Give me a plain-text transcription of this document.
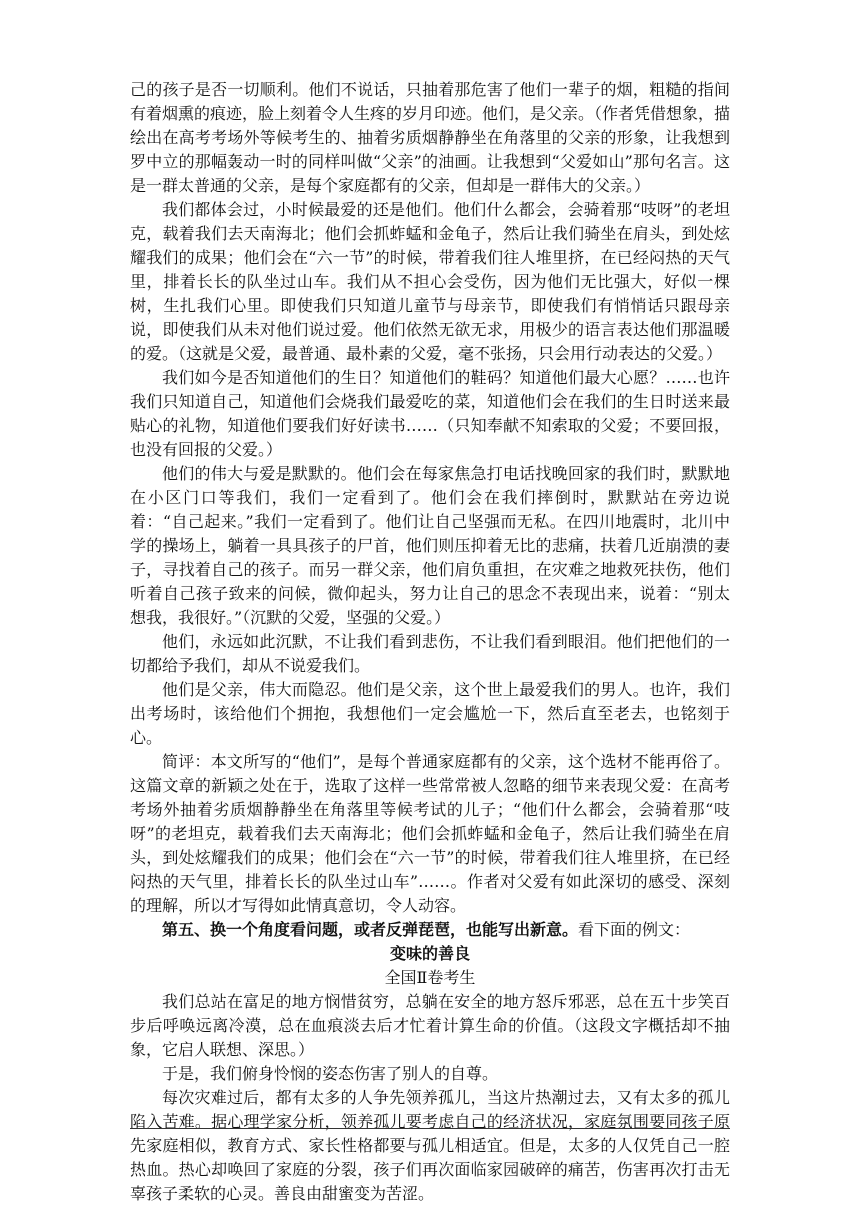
己的孩子是否一切顺利。他们不说话，只抽着那危害了他们一辈子的烟，粗糙的指间有着烟熏的痕迹，脸上刻着令人生疼的岁月印迹。他们，是父亲。（作者凭借想象，描绘出在高考考场外等候考生的、抽着劣质烟静静坐在角落里的父亲的形象，让我想到罗中立的那幅轰动一时的同样叫做“父亲”的油画。让我想到“父爱如山”那句名言。这是一群太普通的父亲，是每个家庭都有的父亲，但却是一群伟大的父亲。）

我们都体会过，小时候最爱的还是他们。他们什么都会，会骑着那“吱呀”的老坦克，载着我们去天南海北；他们会抓蚱蜢和金龟子，然后让我们骑坐在肩头，到处炫耀我们的成果；他们会在“六一节”的时候，带着我们往人堆里挤，在已经闷热的天气里，排着长长的队坐过山车。我们从不担心会受伤，因为他们无比强大，好似一棵树，生扎我们心里。即使我们只知道儿童节与母亲节，即使我们有悄悄话只跟母亲说，即使我们从未对他们说过爱。他们依然无欲无求，用极少的语言表达他们那温暖的爱。（这就是父爱，最普通、最朴素的父爱，毫不张扬，只会用行动表达的父爱。）

我们如今是否知道他们的生日？知道他们的鞋码？知道他们最大心愿？……也许我们只知道自己，知道他们会烧我们最爱吃的菜，知道他们会在我们的生日时送来最贴心的礼物，知道他们要我们好好读书……（只知奉献不知索取的父爱；不要回报，也没有回报的父爱。）

他们的伟大与爱是默默的。他们会在每家焦急打电话找晚回家的我们时，默默地在小区门口等我们，我们一定看到了。他们会在我们摔倒时，默默站在旁边说着：“自己起来。”我们一定看到了。他们让自己坚强而无私。在四川地震时，北川中学的操场上，躺着一具具孩子的尸首，他们则压抑着无比的悲痛，扶着几近崩溃的妻子，寻找着自己的孩子。而另一群父亲，他们肩负重担，在灾难之地救死扶伤，他们听着自己孩子致来的问候，微仰起头，努力让自己的思念不表现出来，说着：“别太想我，我很好。”（沉默的父爱，坚强的父爱。）

他们，永远如此沉默，不让我们看到悲伤，不让我们看到眼泪。他们把他们的一切都给予我们，却从不说爱我们。

他们是父亲，伟大而隐忍。他们是父亲，这个世上最爱我们的男人。也许，我们出考场时，该给他们个拥抱，我想他们一定会尴尬一下，然后直至老去，也铭刻于心。

简评：本文所写的“他们”，是每个普通家庭都有的父亲，这个选材不能再俗了。这篇文章的新颖之处在于，选取了这样一些常常被人忽略的细节来表现父爱：在高考考场外抽着劣质烟静静坐在角落里等候考试的儿子；“他们什么都会，会骑着那“吱呀”的老坦克，载着我们去天南海北；他们会抓蚱蜢和金龟子，然后让我们骑坐在肩头，到处炫耀我们的成果；他们会在“六一节”的时候，带着我们往人堆里挤，在已经闷热的天气里，排着长长的队坐过山车”……。作者对父爱有如此深切的感受、深刻的理解，所以才写得如此情真意切，令人动容。

第五、换一个角度看问题，或者反弹琵琶，也能写出新意。看下面的例文：

变味的善良

全国Ⅱ卷考生

我们总站在富足的地方悯惜贫穷，总躺在安全的地方怒斥邪恶，总在五十步笑百步后呼唤远离冷漠，总在血痕淡去后才忙着计算生命的价值。（这段文字概括却不抽象，它启人联想、深思。）

于是，我们俯身怜悯的姿态伤害了别人的自尊。

每次灾难过后，都有太多的人争先领养孤儿，当这片热潮过去，又有太多的孤儿陷入苦难。据心理学家分析，领养孤儿要考虑自己的经济状况，家庭氛围要同孩子原先家庭相似，教育方式、家长性格都要与孤儿相适宜。但是，太多的人仅凭自己一腔热血。热心却唤回了家庭的分裂，孩子们再次面临家园破碎的痛苦，伤害再次打击无辜孩子柔软的心灵。善良由甜蜜变为苦涩。
